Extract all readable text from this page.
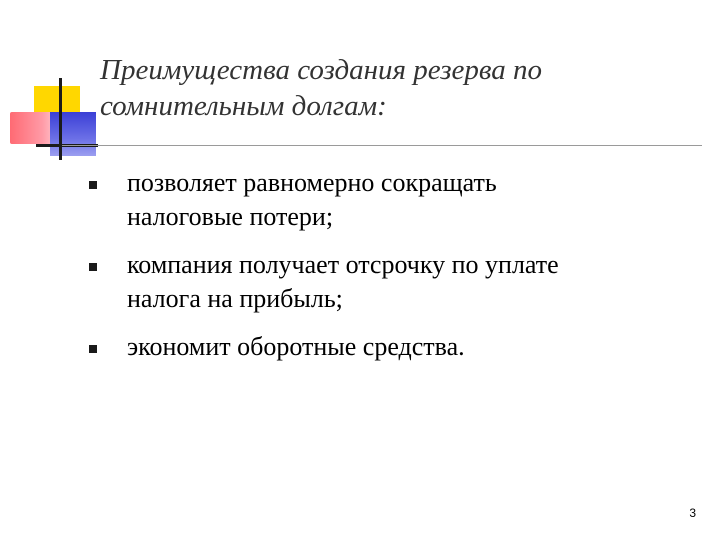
Преимущества создания резерва по
сомнительным долгам:
позволяет равномерно сокращать
налоговые потери;
компания получает отсрочку по уплате
налога на прибыль;
экономит оборотные средства.
3
